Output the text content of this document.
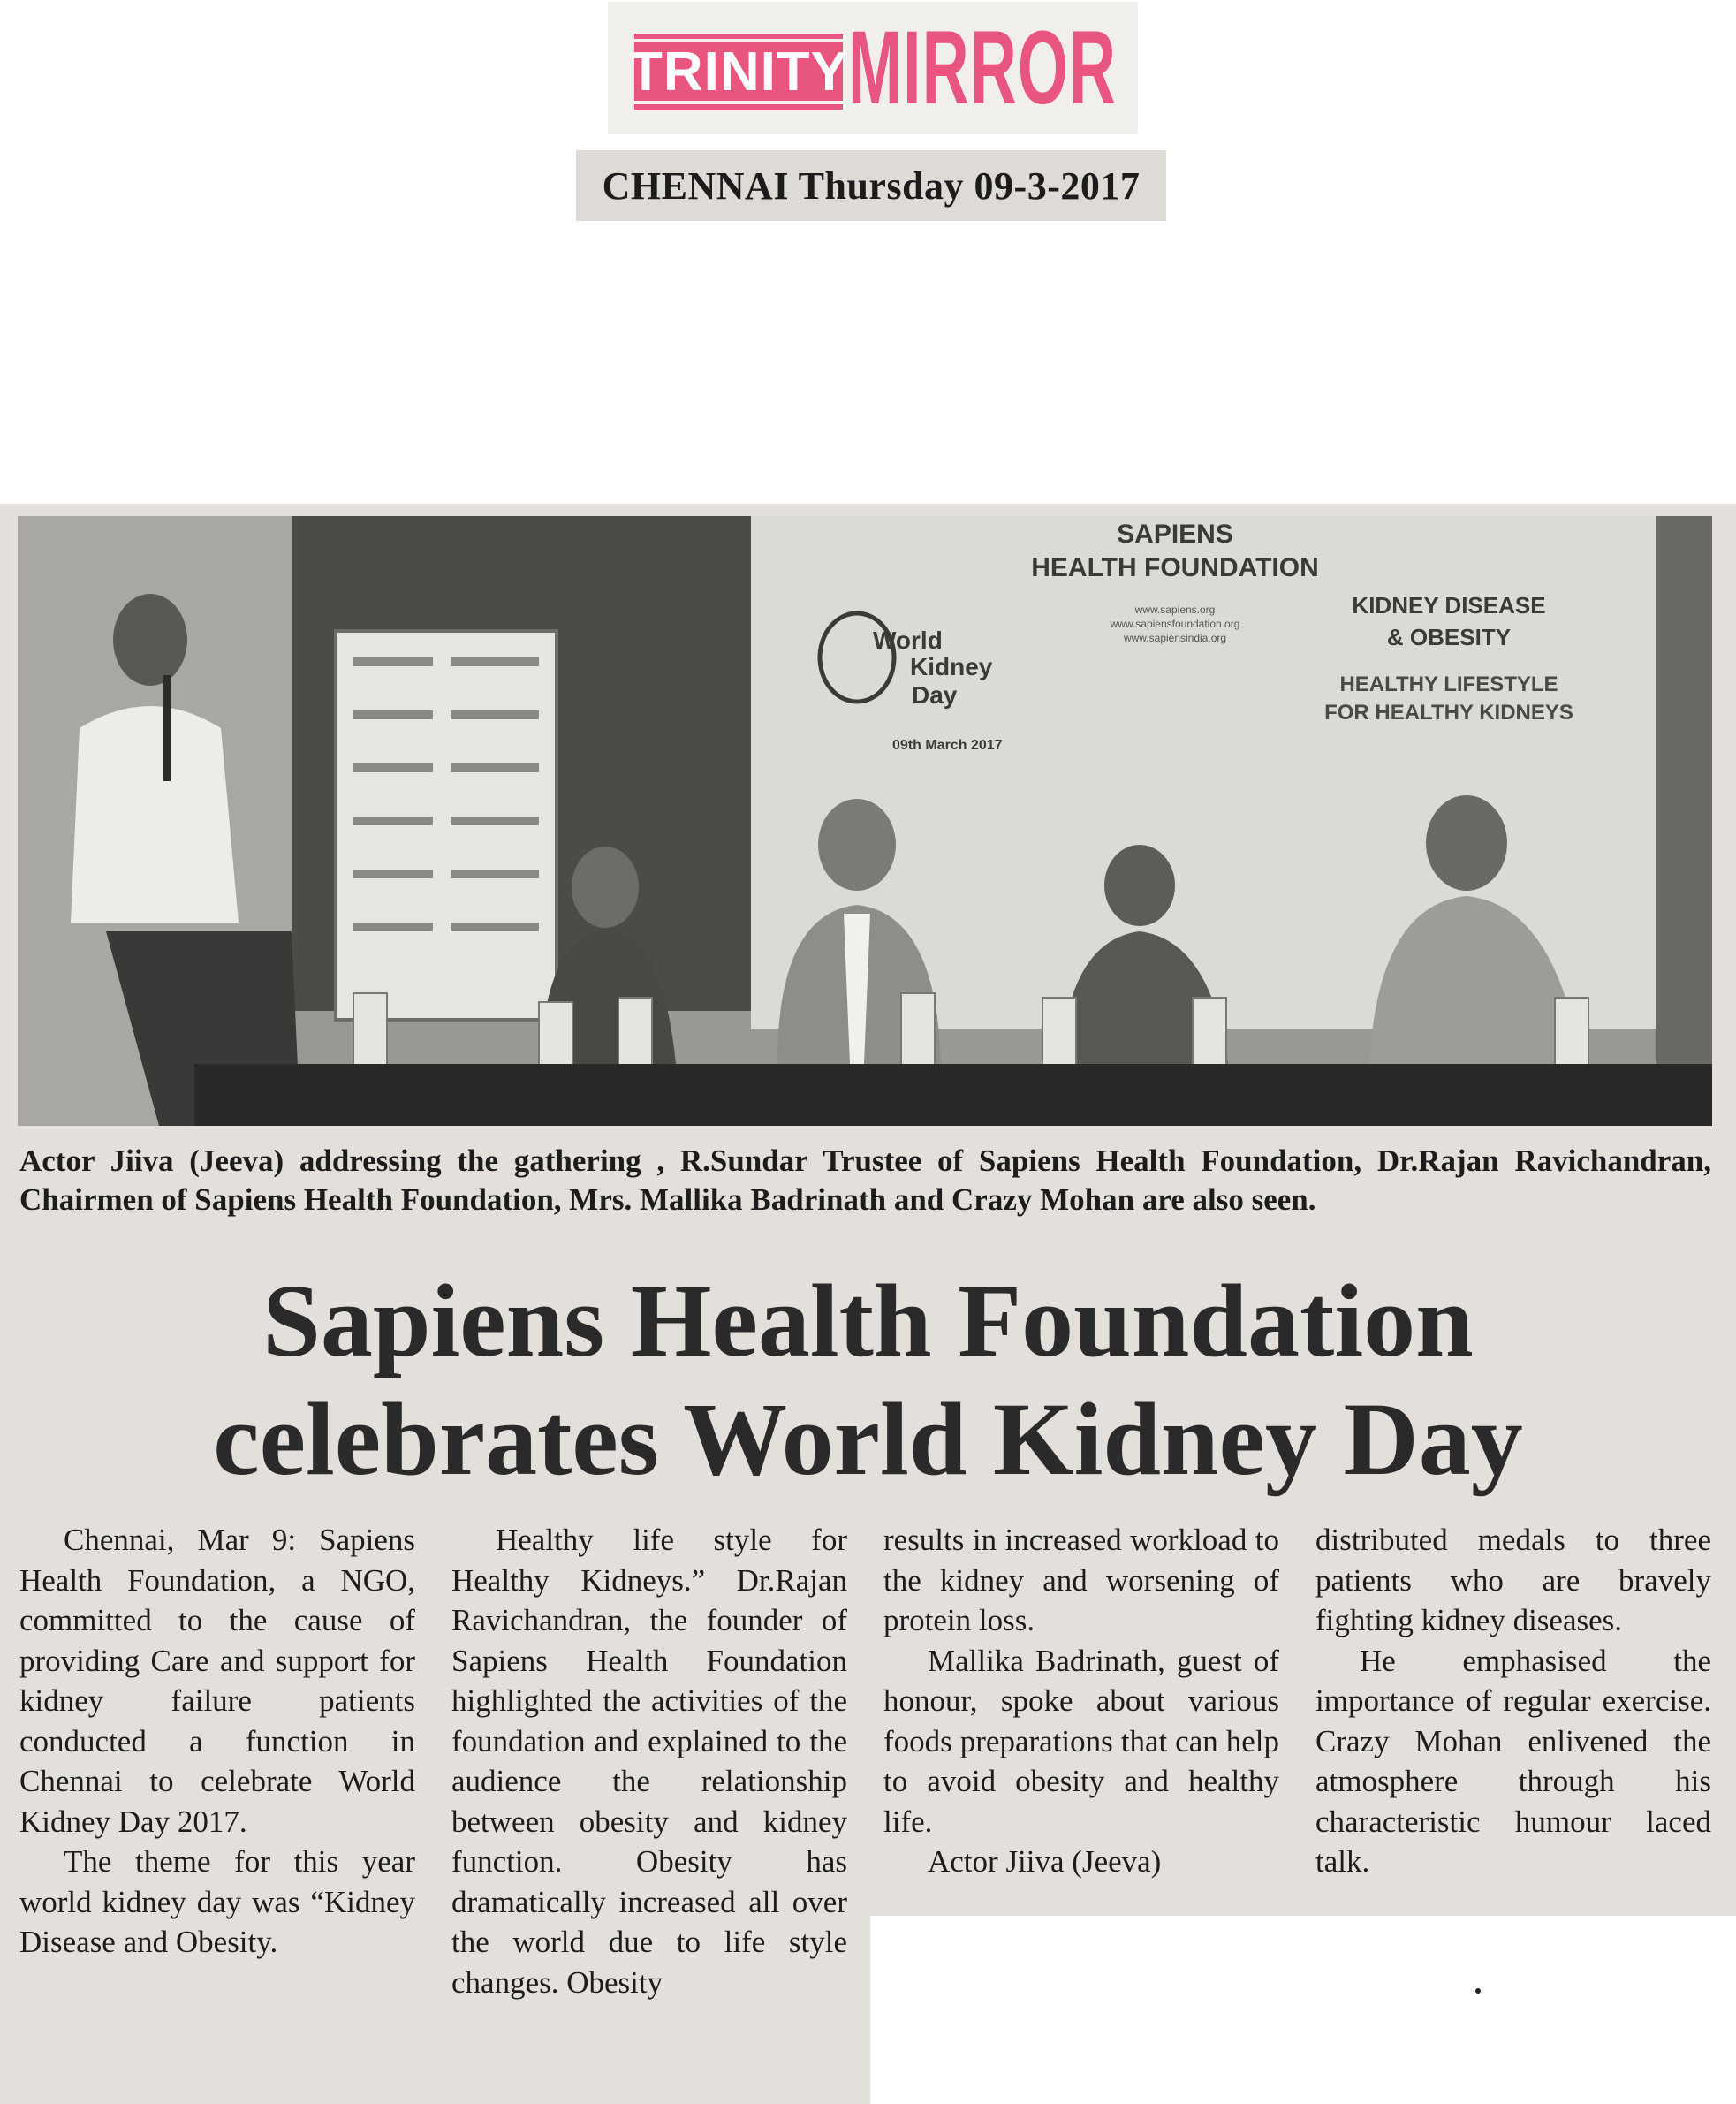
TRINITY MIRROR
CHENNAI Thursday 09-3-2017
SAPIENS
HEALTH FOUNDATION
www.sapiens.org
www.sapiensfoundation.org
www.sapiensindia.org
World
Kidney
Day
09th March 2017
KIDNEY DISEASE
& OBESITY
HEALTHY LIFESTYLE
FOR HEALTHY KIDNEYS

Actor Jiiva (Jeeva) addressing the gathering , R.Sundar Trustee of Sapiens Health Foundation, Dr.Rajan Ravichandran, Chairmen of Sapiens Health Foundation, Mrs. Mallika Badrinath and Crazy Mohan are also seen.

Sapiens Health Foundation
celebrates World Kidney Day

Chennai, Mar 9: Sapiens Health Foundation, a NGO, committed to the cause of providing Care and support for kidney failure patients conducted a function in Chennai to celebrate World Kidney Day 2017.

The theme for this year world kidney day was “Kidney Disease and Obesity.

Healthy life style for Healthy Kidneys.” Dr.Rajan Ravichandran, the founder of Sapiens Health Foundation highlighted the activities of the foundation and explained to the audience the relationship between obesity and kidney function. Obesity has dramatically increased all over the world due to life style changes. Obesity

results in increased workload to the kidney and worsening of protein loss.

Mallika Badrinath, guest of honour, spoke about various foods preparations that can help to avoid obesity and healthy life.

Actor Jiiva (Jeeva)

distributed medals to three patients who are bravely fighting kidney diseases.

He emphasised the importance of regular exercise. Crazy Mohan enlivened the atmosphere through his characteristic humour laced talk.
